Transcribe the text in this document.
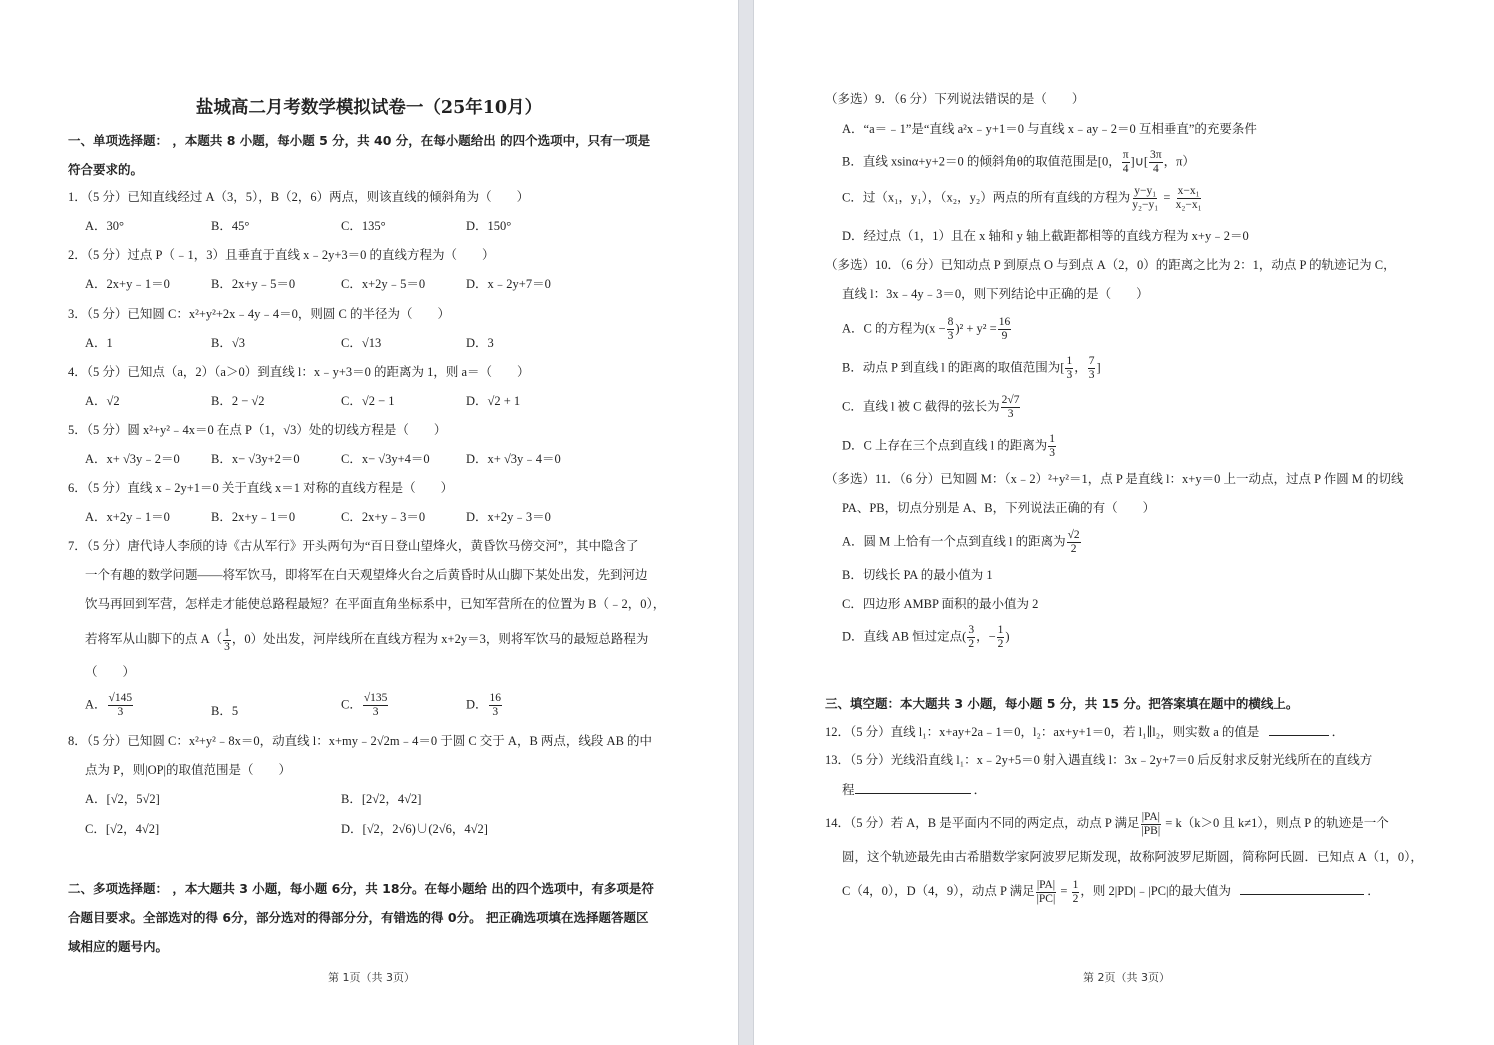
盐城高二月考数学模拟试卷一（25年10月）
一、单项选择题： ，本题共 8 小题，每小题 5 分，共 40 分，在每小题给出 的四个选项中，只有一项是
符合要求的。
1．（5 分）已知直线经过 A（3，5），B（2，6）两点，则该直线的倾斜角为（　　）
A．30°	B．45°	C．135°	D．150°
2．（5 分）过点 P（﹣1，3）且垂直于直线 x﹣2y+3＝0 的直线方程为（　　）
A．2x+y﹣1＝0	B．2x+y﹣5＝0	C．x+2y﹣5＝0	D．x﹣2y+7＝0
3．（5 分）已知圆 C：x²+y²+2x﹣4y﹣4＝0，则圆 C 的半径为（　　）
A．1	B．√3	C．√13	D．3
4．（5 分）已知点（a，2）（a＞0）到直线 l：x﹣y+3＝0 的距离为 1，则 a＝（　　）
A．√2	B．2 − √2	C．√2 − 1	D．√2 + 1
5．（5 分）圆 x²+y²﹣4x＝0 在点 P（1，√3）处的切线方程是（　　）
A．x+ √3y﹣2＝0 B．x− √3y+2＝0	C．x− √3y+4＝0	D．x+ √3y﹣4＝0
6．（5 分）直线 x﹣2y+1＝0 关于直线 x＝1 对称的直线方程是（　　）
A．x+2y﹣1＝0	B．2x+y﹣1＝0	C．2x+y﹣3＝0	D．x+2y﹣3＝0
7．（5 分）唐代诗人李颀的诗《古从军行》开头两句为“百日登山望烽火，黄昏饮马傍交河”，其中隐含了
一个有趣的数学问题——将军饮马，即将军在白天观望烽火台之后黄昏时从山脚下某处出发，先到河边
饮马再回到军营，怎样走才能使总路程最短？在平面直角坐标系中，已知军营所在的位置为 B（﹣2，0），
若将军从山脚下的点 $A( \frac{1}{3}$ ，0）处出发，河岸线所在直线方程为 x+2y＝3，则将军饮马的最短总路程为
（　　）
A． $\frac{√145}{3}$	B．5	C． $\frac{√135}{3}$	D． $\frac{16}{3}$
8．（5 分）已知圆 C：x²+y²﹣8x＝0，动直线 l：x+my﹣2√2m﹣4＝0 于圆 C 交于 A，B 两点，线段 AB 的中
点为 P，则|OP|的取值范围是（　　）
A．[√2，5√2]	B．[2√2，4√2]
C．[√2，4√2]	D．[√2，2√6)∪(2√6，4√2]
二、多项选择题： ，本大题共 3 小题，每小题 6分，共 18分。在每小题给 出的四个选项中，有多项是符
合题目要求。全部选对的得 6分，部分选对的得部分分，有错选的得 0分。 把正确选项填在选择题答题区
域相应的题号内。
第 1页（共 3页）
（多选）9．（6 分）下列说法错误的是（　　）
A．“a＝﹣1”是“直线 a²x﹣y+1＝0 与直线 x﹣ay﹣2＝0 互相垂直”的充要条件
B．直线 xsinα+y+2＝0 的倾斜角θ的取值范围是[0， $\frac{\pi}{4}$ ]∪[ $\frac{3\pi}{4}$ ，π）
C．过（x₁，y₁），（x₂，y₂）两点的所有直线的方程为 $\frac{\text{y−y₁}}{\text{y₂−y₁}} = \frac{\text{x−x₁}}{\text{x₂−x₁}}$
D．经过点（1，1）且在 x 轴和 y 轴上截距都相等的直线方程为 x+y﹣2＝0
（多选）10．（6 分）已知动点 P 到原点 O 与到点 A（2，0）的距离之比为 2：1，动点 P 的轨迹记为 C，
直线 l：3x﹣4y﹣3＝0，则下列结论中正确的是（　　）
A．C 的方程为$(x - \frac{8}{3} )^2 + y^2 = \frac{16}{9}$
B．动点 P 到直线 l 的距离的取值范围为[ $\frac{1}{3}$ ， $\frac{7}{3}$ ]
C．直线 l 被 C 截得的弦长为 $\frac{2√7}{3}$
D．C 上存在三个点到直线 l 的距离为 $\frac{1}{3}$
（多选）11．（6 分）已知圆 M：（x﹣2）²+y²＝1，点 P 是直线 l：x+y＝0 上一动点，过点 P 作圆 M 的切线
PA、PB，切点分别是 A、B，下列说法正确的有（　　）
A．圆 M 上恰有一个点到直线 l 的距离为 $\frac{√2}{2}$
B．切线长 PA 的最小值为 1
C．四边形 AMBP 面积的最小值为 2
D．直线 AB 恒过定点( $\frac{3}{2}$ ，− $\frac{1}{2}$ )
三、填空题：本大题共 3 小题，每小题 5 分，共 15 分。把答案填在题中的横线上。
12．（5 分）直线 l₁：x+ay+2a﹣1＝0，l₂：ax+y+1＝0，若 l₁∥l₂，则实数 a 的值是	．
13．（5 分）光线沿直线 l₁：x﹣2y+5＝0 射入遇直线 l：3x﹣2y+7＝0 后反射求反射光线所在的直线方
程	．
14．（5 分）若 A，B 是平面内不同的两定点，动点 P 满足 $\frac{|PA|}{|PB|} = k(k>0$ 且 k≠1），则点 P 的轨迹是一个
圆，这个轨迹最先由古希腊数学家阿波罗尼斯发现，故称阿波罗尼斯圆，简称阿氏圆．已知点 A（1，0），
C（4，0），D（4，9），动点 P 满足 $\frac{|PA|}{|PC|} = \frac{1}{2}$ ，则 2|PD|﹣|PC|的最大值为	．
第 2页（共 3页）
